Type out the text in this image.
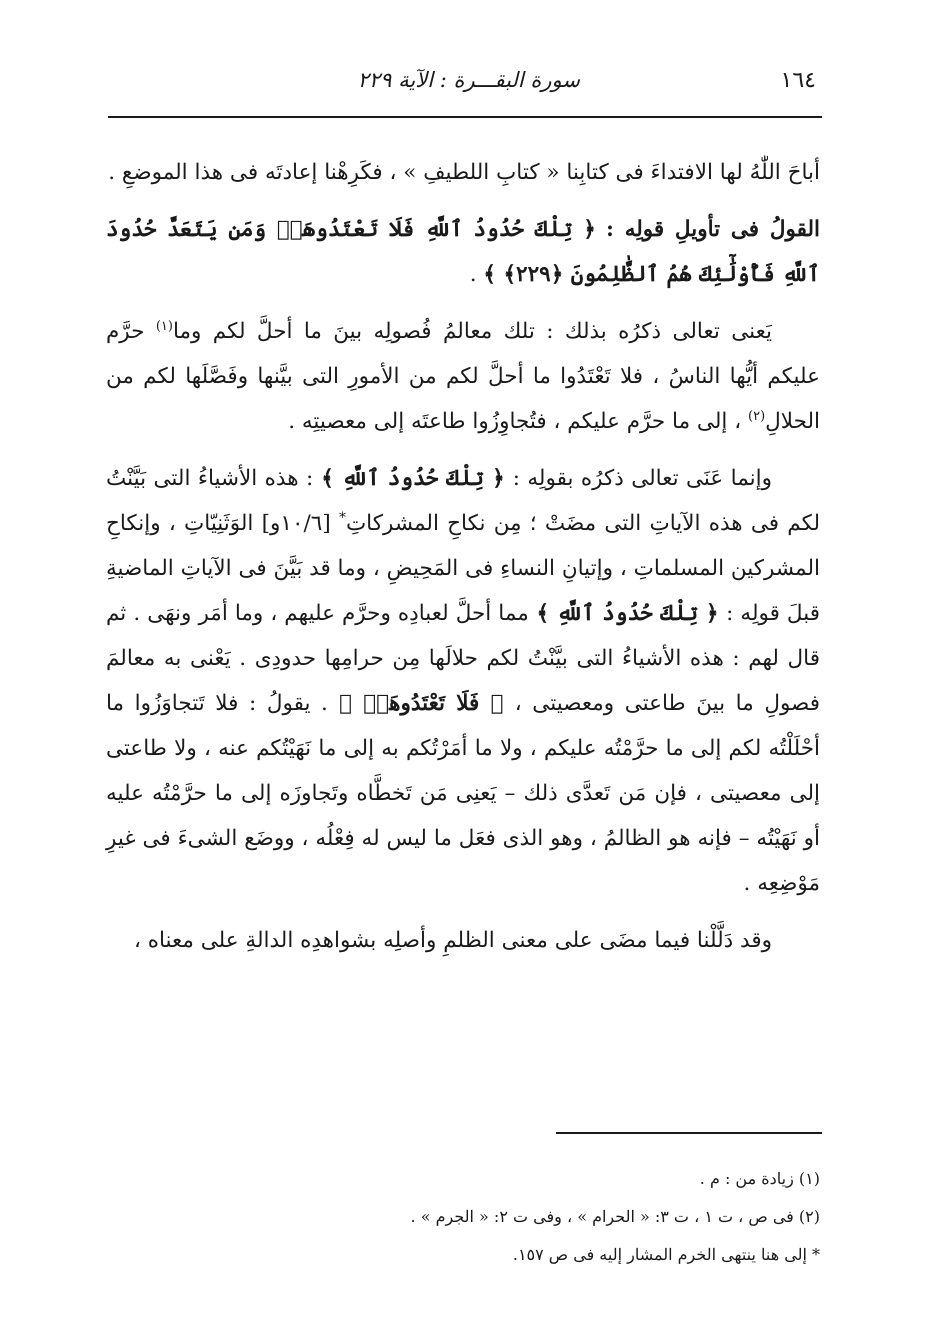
١٦٤
سورة البقـــرة : الآية ٢٢٩

أباحَ اللّٰهُ لها الافتداءَ فى كتابِنا « كتابِ اللطيفِ » ، فكَرِهْنا إعادتَه فى هذا الموضعِ .

القولُ فى تأويلِ قولِه : ﴿ تِلْكَ حُدُودُ ٱللَّهِ فَلَا تَعْتَدُوهَاۚ وَمَن يَتَعَدَّ حُدُودَ ٱللَّهِ فَأُوْلَٰٓئِكَ هُمُ ٱلظَّٰلِمُونَ ﴿٢٢٩﴾ ﴾ .

يَعنى تعالى ذكرُه بذلك : تلك معالمُ فُصولِه بينَ ما أحلَّ لكم وما$^{(١)}$ حرَّم عليكم أيُّها الناسُ ، فلا تَعْتَدُوا ما أحلَّ لكم من الأمورِ التى بيَّنها وفَصَّلَها لكم من الحلالِ$^{(٢)}$ ، إلى ما حرَّم عليكم ، فتُجاوِزُوا طاعتَه إلى معصيتِه .

وإنما عَنَى تعالى ذكرُه بقولِه : ﴿ تِلْكَ حُدُودُ ٱللَّهِ ﴾ : هذه الأشياءُ التى بَيَّنْتُ لكم فى هذه الآياتِ التى مضَتْ ؛ مِن نكاحِ المشركاتِ* [١٠/٦و] الوَثَنِيّاتِ ، وإنكاحِ المشركين المسلماتِ ، وإتيانِ النساءِ فى المَحِيضِ ، وما قد بَيَّنَ فى الآياتِ الماضيةِ قبلَ قولِه : ﴿ تِلْكَ حُدُودُ ٱللَّهِ ﴾ مما أحلَّ لعبادِه وحرَّم عليهم ، وما أمَر ونهَى . ثم قال لهم : هذه الأشياءُ التى بيَّنْتُ لكم حلالَها مِن حرامِها حدودِى . يَعْنى به معالمَ فصولِ ما بينَ طاعتى ومعصيتى ، ﴿ فَلَا تَعْتَدُوهَاۚ ﴾ . يقولُ : فلا تَتجاوَزُوا ما أحْلَلْتُه لكم إلى ما حرَّمْتُه عليكم ، ولا ما أمَرْتُكم به إلى ما نَهَيْتُكم عنه ، ولا طاعتى إلى معصيتى ، فإن مَن تَعدَّى ذلك – يَعنِى مَن تَخطَّاه وتَجاوزَه إلى ما حرَّمْتُه عليه أو نَهَيْتُه – فإنه هو الظالمُ ، وهو الذى فعَل ما ليس له فِعْلُه ، ووضَع الشىءَ فى غيرِ مَوْضِعِه .

وقد دَلَّلْنا فيما مضَى على معنى الظلمِ وأصلِه بشواهدِه الدالةِ على معناه ،

(١) زيادة من : م .

(٢) فى ص ، ت ١ ، ت ٣: « الحرام » ، وفى ت ٢: « الجرم » .

* إلى هنا ينتهى الخرم المشار إليه فى ص ١٥٧.
